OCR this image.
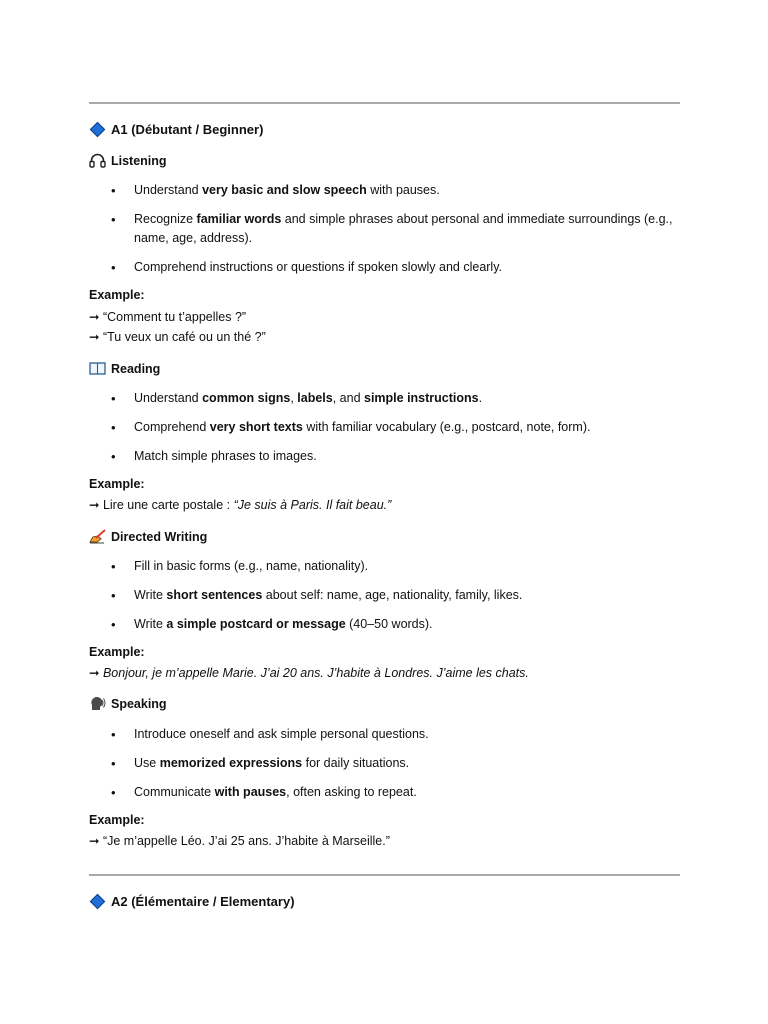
A1 (Débutant / Beginner)
Listening
• Understand very basic and slow speech with pauses.
• Recognize familiar words and simple phrases about personal and immediate surroundings (e.g., name, age, address).
• Comprehend instructions or questions if spoken slowly and clearly.
Example:
➞ “Comment tu t’appelles ?”
➞ “Tu veux un café ou un thé ?”
Reading
• Understand common signs, labels, and simple instructions.
• Comprehend very short texts with familiar vocabulary (e.g., postcard, note, form).
• Match simple phrases to images.
Example:
➞ Lire une carte postale : “Je suis à Paris. Il fait beau.”
Directed Writing
• Fill in basic forms (e.g., name, nationality).
• Write short sentences about self: name, age, nationality, family, likes.
• Write a simple postcard or message (40–50 words).
Example:
➞ Bonjour, je m’appelle Marie. J’ai 20 ans. J’habite à Londres. J’aime les chats.
Speaking
• Introduce oneself and ask simple personal questions.
• Use memorized expressions for daily situations.
• Communicate with pauses, often asking to repeat.
Example:
➞ “Je m’appelle Léo. J’ai 25 ans. J’habite à Marseille.”
A2 (Élémentaire / Elementary)
